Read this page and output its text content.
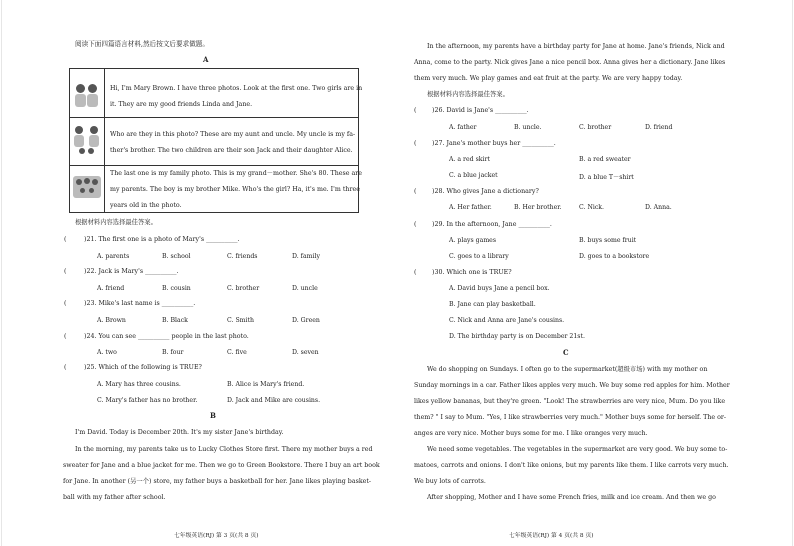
阅读下面四篇语言材料,然后按文后要求做题。
A
Hi, I'm Mary Brown. I have three photos. Look at the first one. Two girls are in
it. They are my good friends Linda and Jane.
Who are they in this photo? These are my aunt and uncle. My uncle is my fa-
ther's brother. The two children are their son Jack and their daughter Alice.
The last one is my family photo. This is my grand－mother. She's 80. These are
my parents. The boy is my brother Mike. Who's the girl? Ha, it's me. I'm three
years old in the photo.
根据材料内容选择最佳答案。
(	)21. The first one is a photo of Mary's __________.
A. parents	B. school	C. friends	D. family
(	)22. Jack is Mary's __________.
A. friend	B. cousin	C. brother	D. uncle
(	)23. Mike's last name is __________.
A. Brown	B. Black	C. Smith	D. Green
(	)24. You can see __________ people in the last photo.
A. two	B. four	C. five	D. seven
(	)25. Which of the following is TRUE?
A. Mary has three cousins.	B. Alice is Mary's friend.
C. Mary's father has no brother.	D. Jack and Mike are cousins.
B
I'm David. Today is December 20th. It's my sister Jane's birthday.
In the morning, my parents take us to Lucky Clothes Store first. There my mother buys a red
sweater for Jane and a blue jacket for me. Then we go to Green Bookstore. There I buy an art book
for Jane. In another (另一个) store, my father buys a basketball for her. Jane likes playing basket-
ball with my father after school.
七年级英语(RJ) 第 3 页(共 8 页)
In the afternoon, my parents have a birthday party for Jane at home. Jane's friends, Nick and
Anna, come to the party. Nick gives Jane a nice pencil box. Anna gives her a dictionary. Jane likes
them very much. We play games and eat fruit at the party. We are very happy today.
根据材料内容选择最佳答案。
( )26. David is Jane's __________.
A. father	B. uncle.	C. brother	D. friend
( )27. Jane's mother buys her __________.
A. a red skirt	B. a red sweater
C. a blue jacket	D. a blue T－shirt
( )28. Who gives Jane a dictionary?
A. Her father.	B. Her brother.	C. Nick.	D. Anna.
( )29. In the afternoon, Jane __________.
A. plays games	B. buys some fruit
C. goes to a library	D. goes to a bookstore
( )30. Which one is TRUE?
A. David buys Jane a pencil box.
B. Jane can play basketball.
C. Nick and Anna are Jane's cousins.
D. The birthday party is on December 21st.
C
We do shopping on Sundays. I often go to the supermarket(超级市场) with my mother on
Sunday mornings in a car. Father likes apples very much. We buy some red apples for him. Mother
likes yellow bananas, but they're green. "Look! The strawberries are very nice, Mum. Do you like
them? " I say to Mum. "Yes, I like strawberries very much." Mother buys some for herself. The or-
anges are very nice. Mother buys some for me. I like oranges very much.
We need some vegetables. The vegetables in the supermarket are very good. We buy some to-
matoes, carrots and onions. I don't like onions, but my parents like them. I like carrots very much.
We buy lots of carrots.
After shopping, Mother and I have some French fries, milk and ice cream. And then we go
七年级英语(RJ) 第 4 页(共 8 页)
